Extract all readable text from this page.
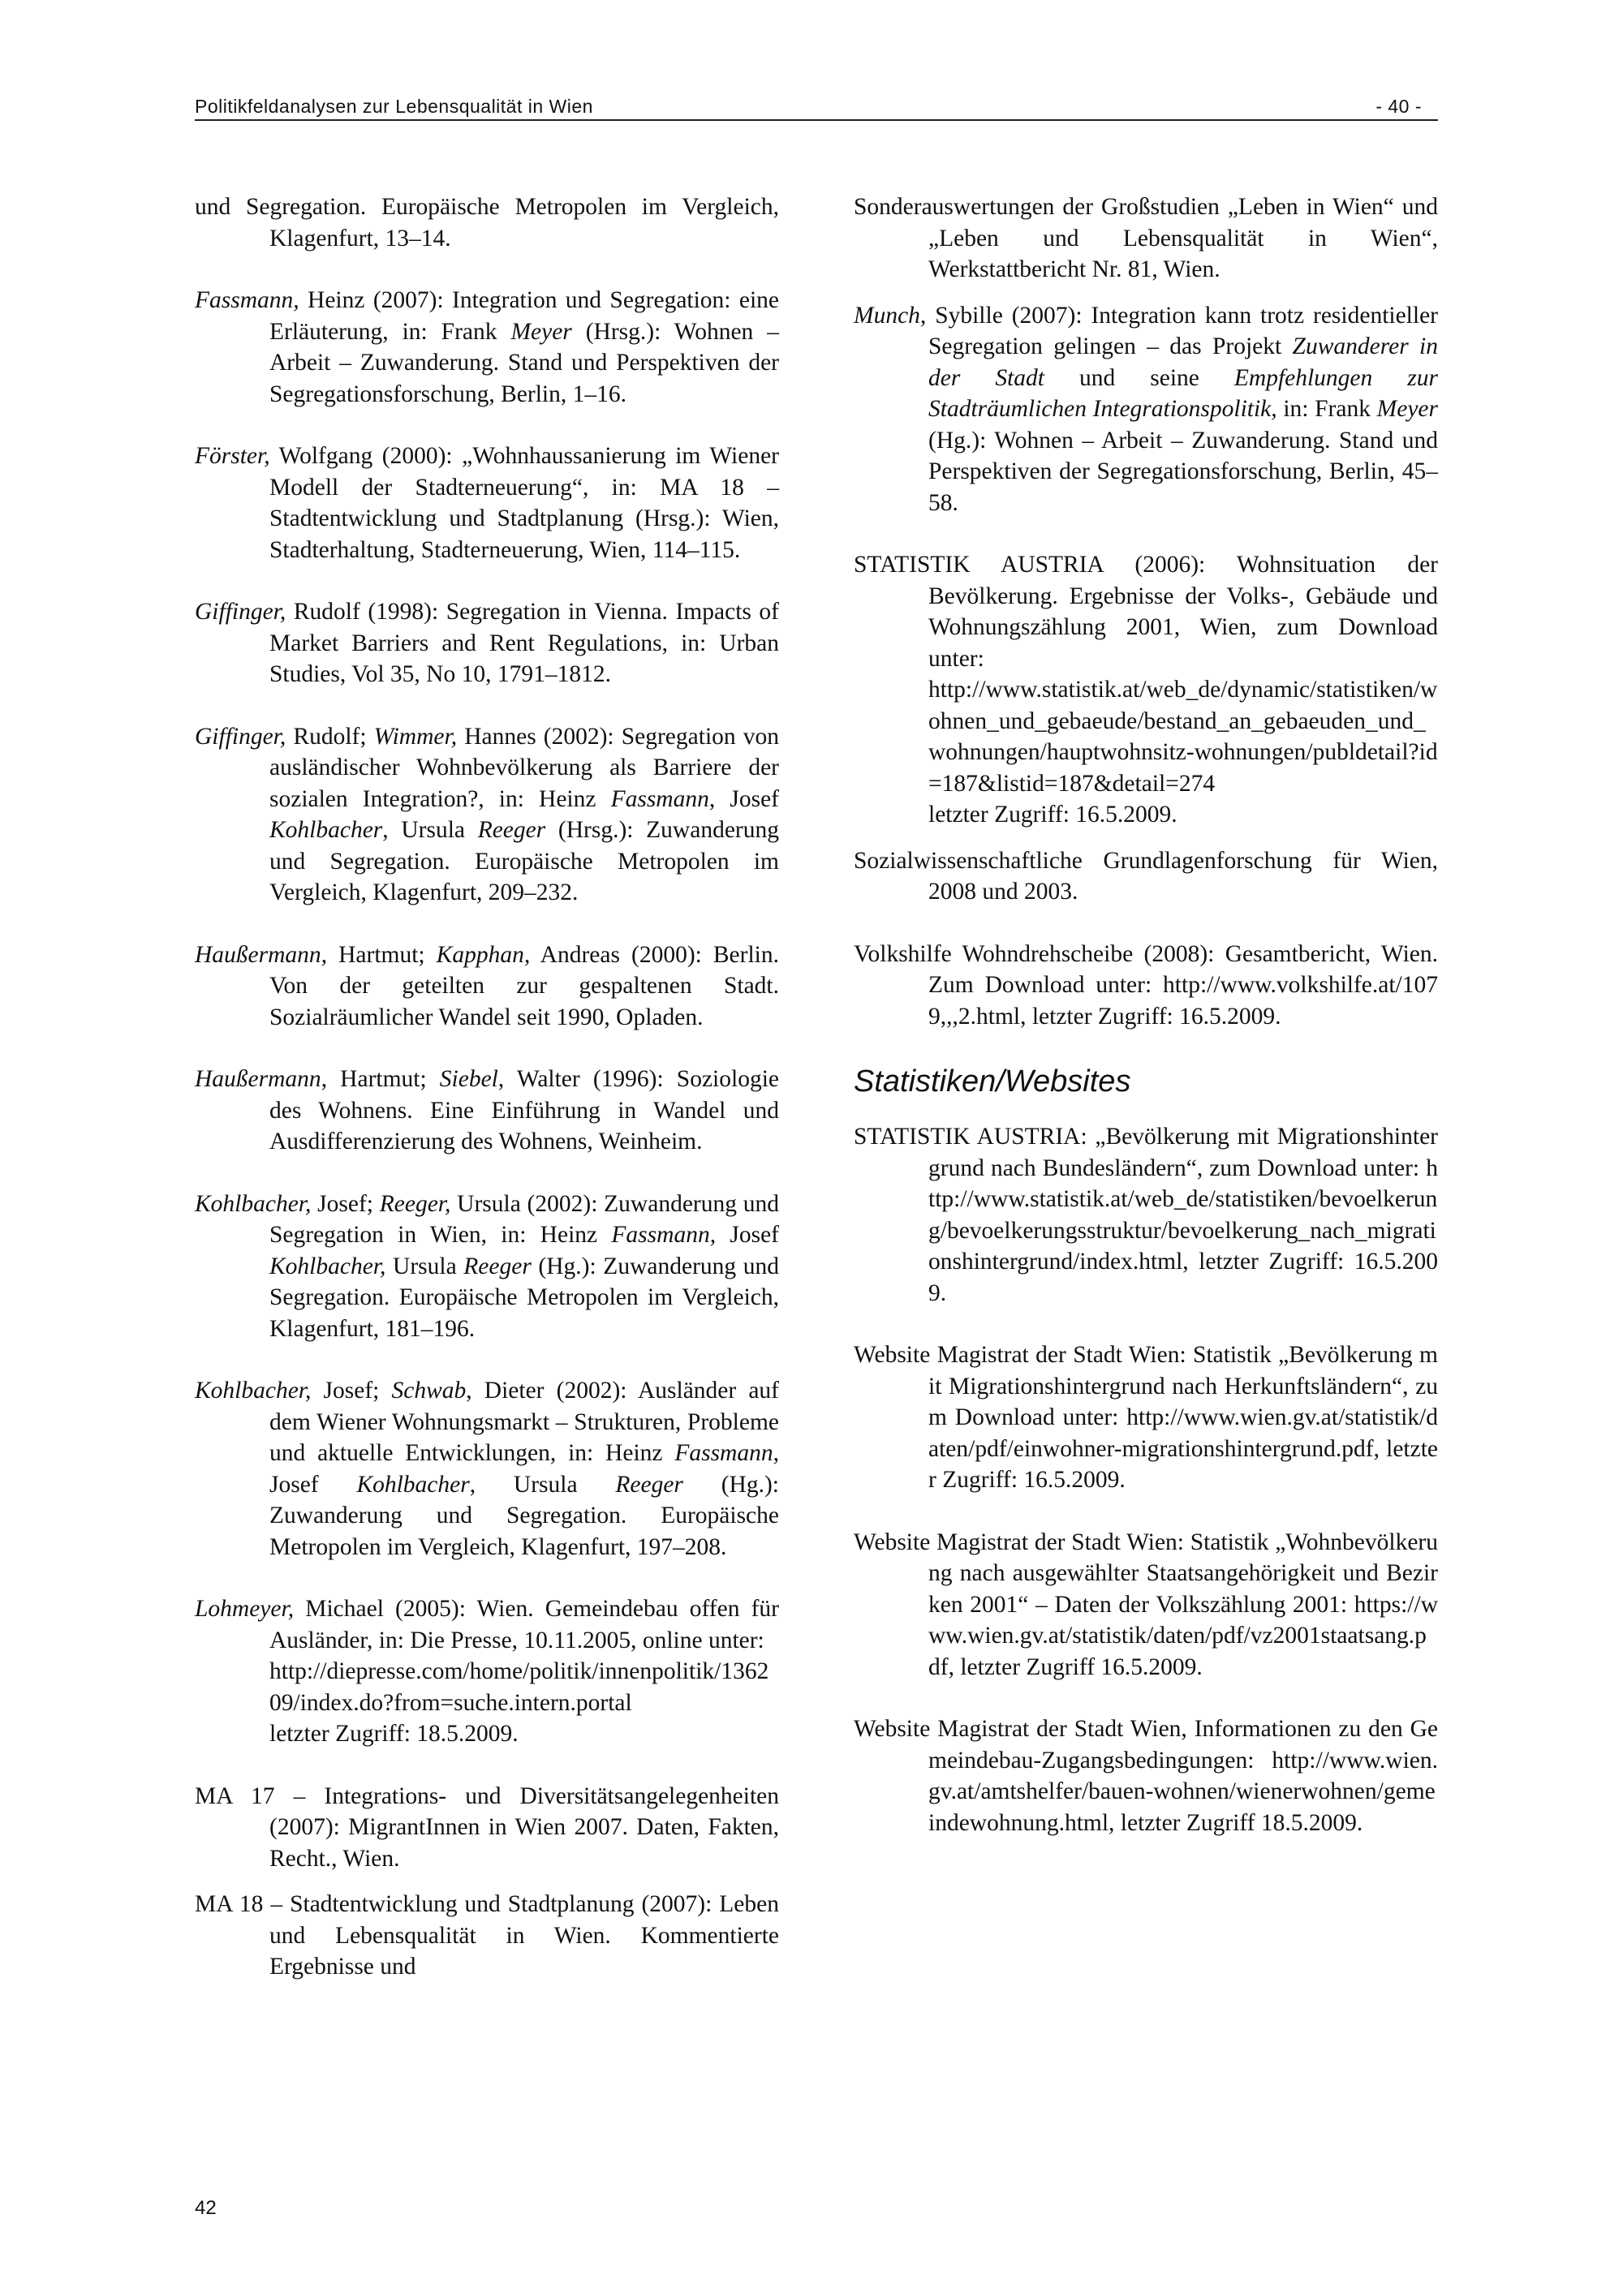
Politikfeldanalysen zur Lebensqualität in Wien	- 40 -

und Segregation. Europäische Metropolen im Vergleich, Klagenfurt, 13–14.

Fassmann, Heinz (2007): Integration und Segregation: eine Erläuterung, in: Frank Meyer (Hrsg.): Wohnen – Arbeit – Zuwanderung. Stand und Perspektiven der Segregationsforschung, Berlin, 1–16.

Förster, Wolfgang (2000): „Wohnhaussanierung im Wiener Modell der Stadterneuerung“, in: MA 18 – Stadtentwicklung und Stadtplanung (Hrsg.): Wien, Stadterhaltung, Stadterneuerung, Wien, 114–115.

Giffinger, Rudolf (1998): Segregation in Vienna. Impacts of Market Barriers and Rent Regulations, in: Urban Studies, Vol 35, No 10, 1791–1812.

Giffinger, Rudolf; Wimmer, Hannes (2002): Segregation von ausländischer Wohnbevölkerung als Barriere der sozialen Integration?, in: Heinz Fassmann, Josef Kohlbacher, Ursula Reeger (Hrsg.): Zuwanderung und Segregation. Europäische Metropolen im Vergleich, Klagenfurt, 209–232.

Haußermann, Hartmut; Kapphan, Andreas (2000): Berlin. Von der geteilten zur gespaltenen Stadt. Sozialräumlicher Wandel seit 1990, Opladen.

Haußermann, Hartmut; Siebel, Walter (1996): Soziologie des Wohnens. Eine Einführung in Wandel und Ausdifferenzierung des Wohnens, Weinheim.

Kohlbacher, Josef; Reeger, Ursula (2002): Zuwanderung und Segregation in Wien, in: Heinz Fassmann, Josef Kohlbacher, Ursula Reeger (Hg.): Zuwanderung und Segregation. Europäische Metropolen im Vergleich, Klagenfurt, 181–196.

Kohlbacher, Josef; Schwab, Dieter (2002): Ausländer auf dem Wiener Wohnungsmarkt – Strukturen, Probleme und aktuelle Entwicklungen, in: Heinz Fassmann, Josef Kohlbacher, Ursula Reeger (Hg.): Zuwanderung und Segregation. Europäische Metropolen im Vergleich, Klagenfurt, 197–208.

Lohmeyer, Michael (2005): Wien. Gemeindebau offen für Ausländer, in: Die Presse, 10.11.2005, online unter:
http://diepresse.com/home/politik/innenpolitik/136209/index.do?from=suche.intern.portal
letzter Zugriff: 18.5.2009.

MA 17 – Integrations- und Diversitätsangelegenheiten (2007): MigrantInnen in Wien 2007. Daten, Fakten, Recht., Wien.

MA 18 – Stadtentwicklung und Stadtplanung (2007): Leben und Lebensqualität in Wien. Kommentierte Ergebnisse und

Sonderauswertungen der Großstudien „Leben in Wien“ und „Leben und Lebensqualität in Wien“, Werkstattbericht Nr. 81, Wien.

Munch, Sybille (2007): Integration kann trotz residentieller Segregation gelingen – das Projekt Zuwanderer in der Stadt und seine Empfehlungen zur Stadträumlichen Integrationspolitik, in: Frank Meyer (Hg.): Wohnen – Arbeit – Zuwanderung. Stand und Perspektiven der Segregationsforschung, Berlin, 45–58.

STATISTIK AUSTRIA (2006): Wohnsituation der Bevölkerung. Ergebnisse der Volks-, Gebäude und Wohnungszählung 2001, Wien, zum Download unter:
http://www.statistik.at/web_de/dynamic/statistiken/wohnen_und_gebaeude/bestand_an_gebaeuden_und_wohnungen/hauptwohnsitz-wohnungen/publdetail?id=187&listid=187&detail=274
letzter Zugriff: 16.5.2009.

Sozialwissenschaftliche Grundlagenforschung für Wien, 2008 und 2003.

Volkshilfe Wohndrehscheibe (2008): Gesamtbericht, Wien. Zum Download unter: http://www.volkshilfe.at/1079,,,2.html, letzter Zugriff: 16.5.2009.

Statistiken/Websites

STATISTIK AUSTRIA: „Bevölkerung mit Migrationshintergrund nach Bundesländern“, zum Download unter: http://www.statistik.at/web_de/statistiken/bevoelkerung/bevoelkerungsstruktur/bevoelkerung_nach_migrationshintergrund/index.html, letzter Zugriff: 16.5.2009.

Website Magistrat der Stadt Wien: Statistik „Bevölkerung mit Migrationshintergrund nach Herkunftsländern“, zum Download unter: http://www.wien.gv.at/statistik/daten/pdf/einwohner-migrationshintergrund.pdf, letzter Zugriff: 16.5.2009.

Website Magistrat der Stadt Wien: Statistik „Wohnbevölkerung nach ausgewählter Staatsangehörigkeit und Bezirken 2001“ – Daten der Volkszählung 2001: https://www.wien.gv.at/statistik/daten/pdf/vz2001staatsang.pdf, letzter Zugriff 16.5.2009.

Website Magistrat der Stadt Wien, Informationen zu den Gemeindebau-Zugangsbedingungen: http://www.wien.gv.at/amtshelfer/bauen-wohnen/wienerwohnen/gemeindewohnung.html, letzter Zugriff 18.5.2009.

42
